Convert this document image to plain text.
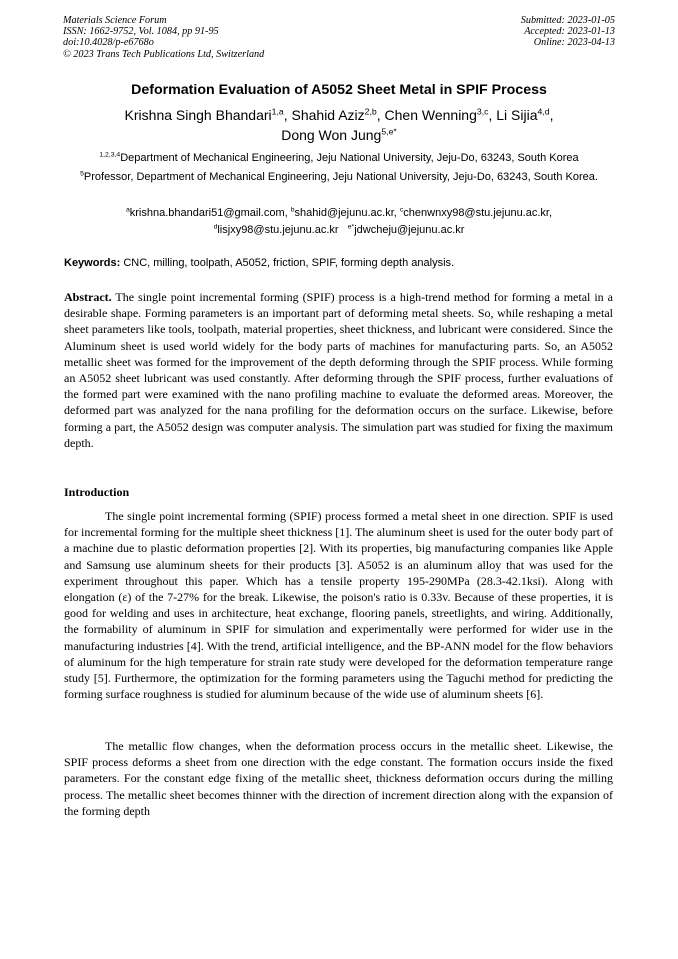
Materials Science Forum
ISSN: 1662-9752, Vol. 1084, pp 91-95
doi:10.4028/p-e6768o
© 2023 Trans Tech Publications Ltd, Switzerland
Submitted: 2023-01-05
Accepted: 2023-01-13
Online: 2023-04-13
Deformation Evaluation of A5052 Sheet Metal in SPIF Process
Krishna Singh Bhandari$^{1,a}$, Shahid Aziz$^{2,b}$, Chen Wenning$^{3,c}$, Li Sijia$^{4,d}$,
Dong Won Jung$^{5,e*}$
$^{1,2,3,4}$Department of Mechanical Engineering, Jeju National University, Jeju-Do, 63243, South Korea
$^5$Professor, Department of Mechanical Engineering, Jeju National University, Jeju-Do, 63243, South Korea.
$^a$krishna.bhandari51@gmail.com, $^b$shahid@jejunu.ac.kr, $^c$chenwnxy98@stu.jejunu.ac.kr,
$^d$lisjxy98@stu.jejunu.ac.kr   $^{e*}$jdwcheju@jejunu.ac.kr
Keywords: CNC, milling, toolpath, A5052, friction, SPIF, forming depth analysis.
Abstract. The single point incremental forming (SPIF) process is a high-trend method for forming a metal in a desirable shape. Forming parameters is an important part of deforming metal sheets. So, while reshaping a metal sheet parameters like tools, toolpath, material properties, sheet thickness, and lubricant were considered. Since the Aluminum sheet is used world widely for the body parts of machines for manufacturing parts. So, an A5052 metallic sheet was formed for the improvement of the depth deforming through the SPIF process. While forming an A5052 sheet lubricant was used constantly. After deforming through the SPIF process, further evaluations of the formed part were examined with the nano profiling machine to evaluate the deformed areas. Moreover, the deformed part was analyzed for the nana profiling for the deformation occurs on the surface. Likewise, before forming a part, the A5052 design was computer analysis. The simulation part was studied for fixing the maximum depth.
Introduction
The single point incremental forming (SPIF) process formed a metal sheet in one direction. SPIF is used for incremental forming for the multiple sheet thickness [1]. The aluminum sheet is used for the outer body part of a machine due to plastic deformation properties [2]. With its properties, big manufacturing companies like Apple and Samsung use aluminum sheets for their products [3]. A5052 is an aluminum alloy that was used for the experiment throughout this paper. Which has a tensile property 195-290MPa (28.3-42.1ksi). Along with elongation (ε) of the 7-27% for the break. Likewise, the poison's ratio is 0.33v. Because of these properties, it is good for welding and uses in architecture, heat exchange, flooring panels, streetlights, and wiring. Additionally, the formability of aluminum in SPIF for simulation and experimentally were performed for wider use in the manufacturing industries [4]. With the trend, artificial intelligence, and the BP-ANN model for the flow behaviors of aluminum for the high temperature for strain rate study were developed for the deformation temperature range study [5]. Furthermore, the optimization for the forming parameters using the Taguchi method for predicting the forming surface roughness is studied for aluminum because of the wide use of aluminum sheets [6].
The metallic flow changes, when the deformation process occurs in the metallic sheet. Likewise, the SPIF process deforms a sheet from one direction with the edge constant. The formation occurs inside the fixed parameters. For the constant edge fixing of the metallic sheet, thickness deformation occurs during the milling process. The metallic sheet becomes thinner with the direction of increment direction along with the expansion of the forming depth
